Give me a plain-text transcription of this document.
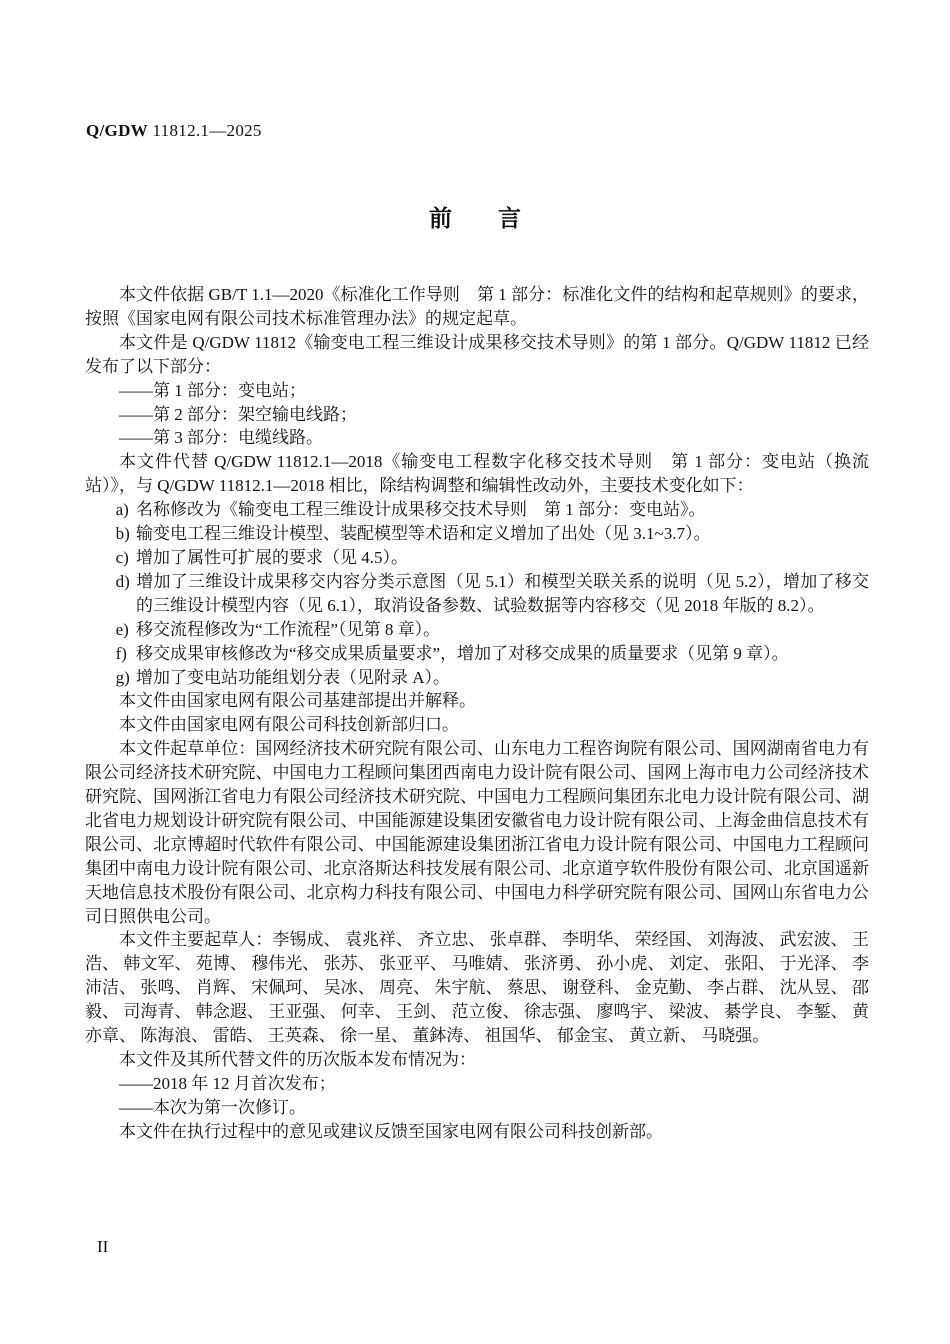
Q/GDW 11812.1—2025
前　　言

本文件依据 GB/T 1.1—2020《标准化工作导则　第 1 部分：标准化文件的结构和起草规则》的要求，按照《国家电网有限公司技术标准管理办法》的规定起草。

本文件是 Q/GDW 11812《输变电工程三维设计成果移交技术导则》的第 1 部分。Q/GDW 11812 已经发布了以下部分：

——第 1 部分：变电站；

——第 2 部分：架空输电线路；

——第 3 部分：电缆线路。

本文件代替 Q/GDW 11812.1—2018《输变电工程数字化移交技术导则　第 1 部分：变电站（换流站）》，与 Q/GDW 11812.1—2018 相比，除结构调整和编辑性改动外，主要技术变化如下：

a) 名称修改为《输变电工程三维设计成果移交技术导则　第 1 部分：变电站》。

b) 输变电工程三维设计模型、装配模型等术语和定义增加了出处（见 3.1~3.7）。

c) 增加了属性可扩展的要求（见 4.5）。

d) 增加了三维设计成果移交内容分类示意图（见 5.1）和模型关联关系的说明（见 5.2），增加了移交的三维设计模型内容（见 6.1），取消设备参数、试验数据等内容移交（见 2018 年版的 8.2）。

e) 移交流程修改为“工作流程”（见第 8 章）。

f) 移交成果审核修改为“移交成果质量要求”，增加了对移交成果的质量要求（见第 9 章）。

g) 增加了变电站功能组划分表（见附录 A）。

本文件由国家电网有限公司基建部提出并解释。

本文件由国家电网有限公司科技创新部归口。

本文件起草单位：国网经济技术研究院有限公司、山东电力工程咨询院有限公司、国网湖南省电力有限公司经济技术研究院、中国电力工程顾问集团西南电力设计院有限公司、国网上海市电力公司经济技术研究院、国网浙江省电力有限公司经济技术研究院、中国电力工程顾问集团东北电力设计院有限公司、湖北省电力规划设计研究院有限公司、中国能源建设集团安徽省电力设计院有限公司、上海金曲信息技术有限公司、北京博超时代软件有限公司、中国能源建设集团浙江省电力设计院有限公司、中国电力工程顾问集团中南电力设计院有限公司、北京洛斯达科技发展有限公司、北京道亨软件股份有限公司、北京国遥新天地信息技术股份有限公司、北京构力科技有限公司、中国电力科学研究院有限公司、国网山东省电力公司日照供电公司。

本文件主要起草人：李锡成、 袁兆祥、 齐立忠、 张卓群、 李明华、 荣经国、 刘海波、 武宏波、 王浩、 韩文军、 苑博、 穆伟光、 张苏、 张亚平、 马唯婧、 张济勇、 孙小虎、 刘定、 张阳、 于光泽、 李沛洁、 张鸣、 肖辉、 宋佩珂、 吴冰、 周亮、 朱宇航、 蔡思、 谢登科、 金克勤、 李占群、 沈从昱、 邵毅、 司海青、 韩念遐、 王亚强、 何幸、 王剑、 范立俊、 徐志强、 廖鸣宇、 梁波、 綦学良、 李錾、 黄亦章、 陈海浪、 雷皓、 王英森、 徐一星、 董鉢涛、 祖国华、 郁金宝、 黄立新、 马晓强。

本文件及其所代替文件的历次版本发布情况为：

——2018 年 12 月首次发布；

——本次为第一次修订。

本文件在执行过程中的意见或建议反馈至国家电网有限公司科技创新部。

II
